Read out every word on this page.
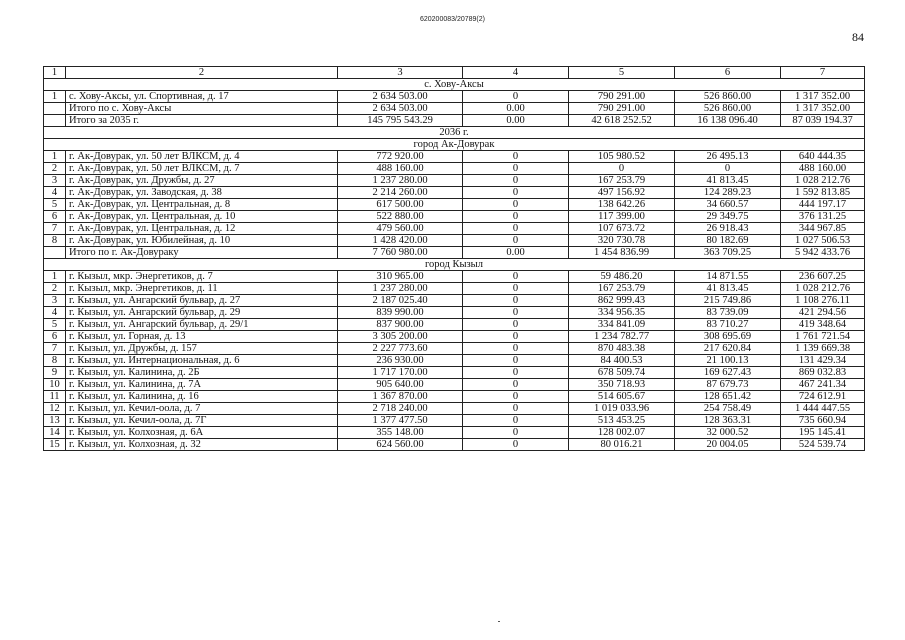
620200083/20789(2)
84
1	2	3	4	5	6	7
с. Хову-Аксы						
1	с. Хову-Аксы, ул. Спортивная, д. 17	2 634 503.00	0	790 291.00	526 860.00	1 317 352.00
	Итого по с. Хову-Аксы	2 634 503.00	0.00	790 291.00	526 860.00	1 317 352.00
	Итого за 2035 г.	145 795 543.29	0.00	42 618 252.52	16 138 096.40	87 039 194.37
2036 г.						
город Ак-Довурак						
1	г. Ак-Довурак, ул. 50 лет ВЛКСМ, д. 4	772 920.00	0	105 980.52	26 495.13	640 444.35
2	г. Ак-Довурак, ул. 50 лет ВЛКСМ, д. 7	488 160.00	0	0	0	488 160.00
3	г. Ак-Довурак, ул. Дружбы, д. 27	1 237 280.00	0	167 253.79	41 813.45	1 028 212.76
4	г. Ак-Довурак, ул. Заводская, д. 38	2 214 260.00	0	497 156.92	124 289.23	1 592 813.85
5	г. Ак-Довурак, ул. Центральная, д. 8	617 500.00	0	138 642.26	34 660.57	444 197.17
6	г. Ак-Довурак, ул. Центральная, д. 10	522 880.00	0	117 399.00	29 349.75	376 131.25
7	г. Ак-Довурак, ул. Центральная, д. 12	479 560.00	0	107 673.72	26 918.43	344 967.85
8	г. Ак-Довурак, ул. Юбилейная, д. 10	1 428 420.00	0	320 730.78	80 182.69	1 027 506.53
	Итого по г. Ак-Довураку	7 760 980.00	0.00	1 454 836.99	363 709.25	5 942 433.76
город Кызыл						
1	г. Кызыл, мкр. Энергетиков, д. 7	310 965.00	0	59 486.20	14 871.55	236 607.25
2	г. Кызыл, мкр. Энергетиков, д. 11	1 237 280.00	0	167 253.79	41 813.45	1 028 212.76
3	г. Кызыл, ул. Ангарский бульвар, д. 27	2 187 025.40	0	862 999.43	215 749.86	1 108 276.11
4	г. Кызыл, ул. Ангарский бульвар, д. 29	839 990.00	0	334 956.35	83 739.09	421 294.56
5	г. Кызыл, ул. Ангарский бульвар, д. 29/1	837 900.00	0	334 841.09	83 710.27	419 348.64
6	г. Кызыл, ул. Горная, д. 13	3 305 200.00	0	1 234 782.77	308 695.69	1 761 721.54
7	г. Кызыл, ул. Дружбы, д. 157	2 227 773.60	0	870 483.38	217 620.84	1 139 669.38
8	г. Кызыл, ул. Интернациональная, д. 6	236 930.00	0	84 400.53	21 100.13	131 429.34
9	г. Кызыл, ул. Калинина, д. 2Б	1 717 170.00	0	678 509.74	169 627.43	869 032.83
10	г. Кызыл, ул. Калинина, д. 7А	905 640.00	0	350 718.93	87 679.73	467 241.34
11	г. Кызыл, ул. Калинина, д. 16	1 367 870.00	0	514 605.67	128 651.42	724 612.91
12	г. Кызыл, ул. Кечил-оола, д. 7	2 718 240.00	0	1 019 033.96	254 758.49	1 444 447.55
13	г. Кызыл, ул. Кечил-оола, д. 7Г	1 377 477.50	0	513 453.25	128 363.31	735 660.94
14	г. Кызыл, ул. Колхозная, д. 6А	355 148.00	0	128 002.07	32 000.52	195 145.41
15	г. Кызыл, ул. Колхозная, д. 32	624 560.00	0	80 016.21	20 004.05	524 539.74
